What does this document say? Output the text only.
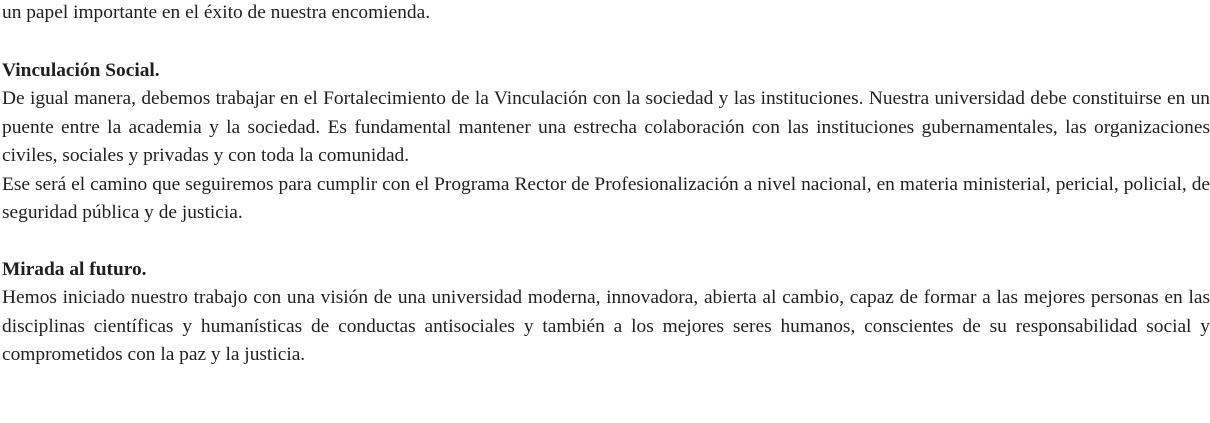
un papel importante en el éxito de nuestra encomienda.

Vinculación Social.

De igual manera, debemos trabajar en el Fortalecimiento de la Vinculación con la sociedad y las instituciones. Nuestra universidad debe constituirse en un puente entre la academia y la sociedad. Es fundamental mantener una estrecha colaboración con las instituciones gubernamentales, las organizaciones civiles, sociales y privadas y con toda la comunidad.

Ese será el camino que seguiremos para cumplir con el Programa Rector de Profesionalización a nivel nacional, en materia ministerial, pericial, policial, de seguridad pública y de justicia.

Mirada al futuro.

Hemos iniciado nuestro trabajo con una visión de una universidad moderna, innovadora, abierta al cambio, capaz de formar a las mejores personas en las disciplinas científicas y humanísticas de conductas antisociales y también a los mejores seres humanos, conscientes de su responsabilidad social y comprometidos con la paz y la justicia.
